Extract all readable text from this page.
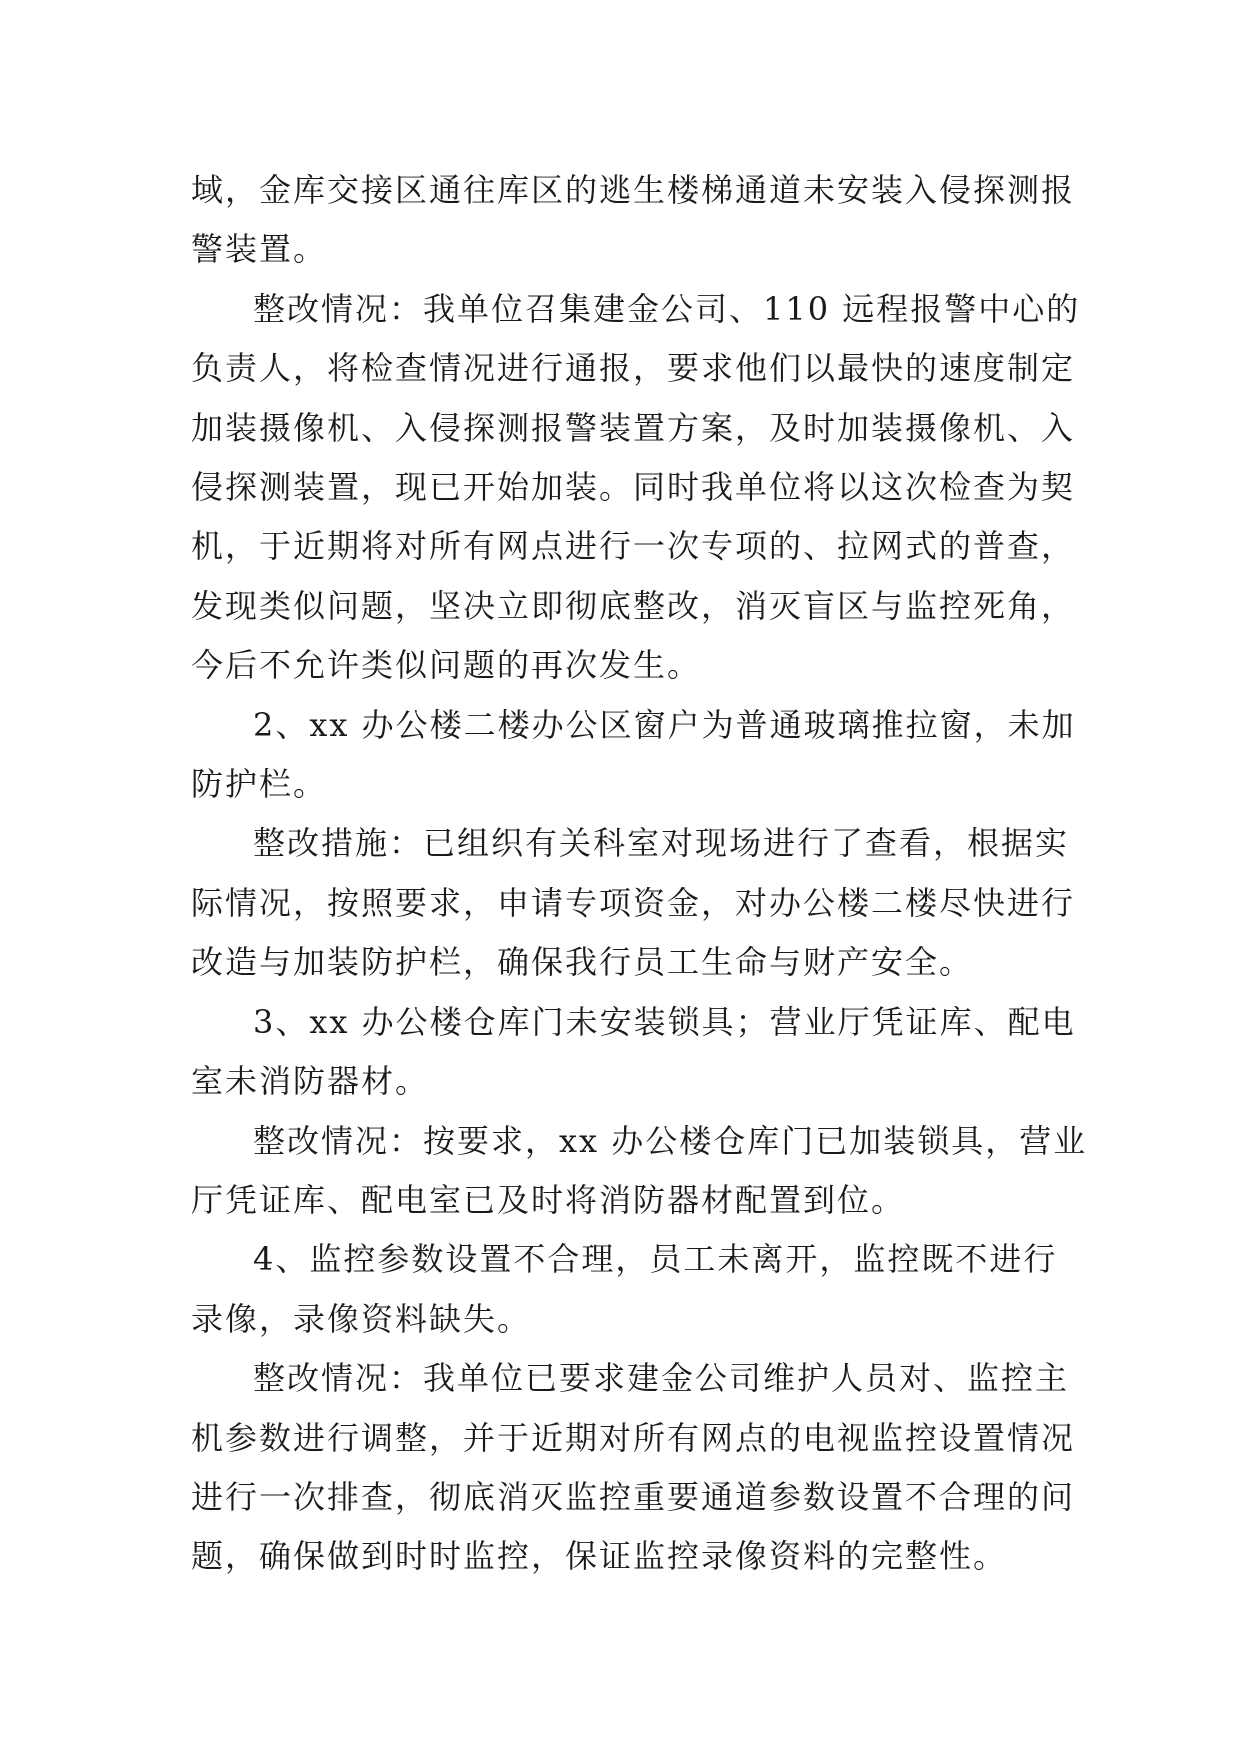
域，金库交接区通往库区的逃生楼梯通道未安装入侵探测报
警装置。
整改情况：我单位召集建金公司、110 远程报警中心的
负责人，将检查情况进行通报，要求他们以最快的速度制定
加装摄像机、入侵探测报警装置方案，及时加装摄像机、入
侵探测装置，现已开始加装。同时我单位将以这次检查为契
机，于近期将对所有网点进行一次专项的、拉网式的普查，
发现类似问题，坚决立即彻底整改，消灭盲区与监控死角，
今后不允许类似问题的再次发生。
2、xx 办公楼二楼办公区窗户为普通玻璃推拉窗，未加
防护栏。
整改措施：已组织有关科室对现场进行了查看，根据实
际情况，按照要求，申请专项资金，对办公楼二楼尽快进行
改造与加装防护栏，确保我行员工生命与财产安全。
3、xx 办公楼仓库门未安装锁具；营业厅凭证库、配电
室未消防器材。
整改情况：按要求，xx 办公楼仓库门已加装锁具，营业
厅凭证库、配电室已及时将消防器材配置到位。
4、监控参数设置不合理，员工未离开，监控既不进行
录像，录像资料缺失。
整改情况：我单位已要求建金公司维护人员对、监控主
机参数进行调整，并于近期对所有网点的电视监控设置情况
进行一次排查，彻底消灭监控重要通道参数设置不合理的问
题，确保做到时时监控，保证监控录像资料的完整性。
